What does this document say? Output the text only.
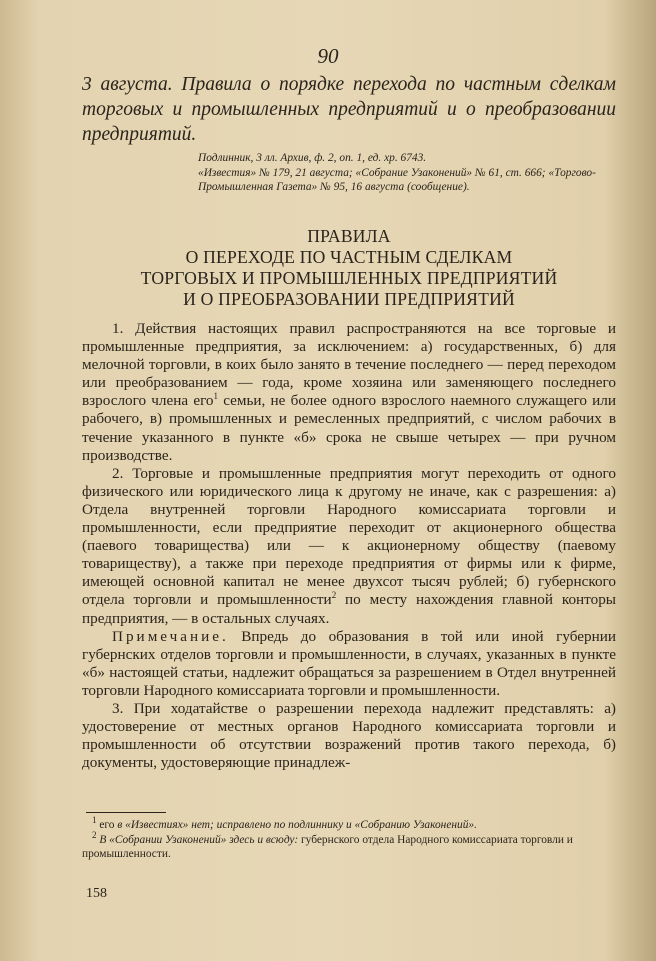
90
3 августа. Правила о порядке перехода по частным сделкам торговых и промышленных предприятий и о преобразовании предприятий.
Подлинник, 3 лл. Архив, ф. 2, оп. 1, ед. хр. 6743.
«Известия» № 179, 21 августа; «Собрание Узаконений» № 61, ст. 666; «Торгово-Промышленная Газета» № 95, 16 августа (сообщение).
ПРАВИЛА
О ПЕРЕХОДЕ ПО ЧАСТНЫМ СДЕЛКАМ
ТОРГОВЫХ И ПРОМЫШЛЕННЫХ ПРЕДПРИЯТИЙ
И О ПРЕОБРАЗОВАНИИ ПРЕДПРИЯТИЙ

1. Действия настоящих правил распространяются на все торговые и промышленные предприятия, за исключением: а) государственных, б) для мелочной торговли, в коих было занято в течение последнего — перед переходом или преобразованием — года, кроме хозяина или заменяющего последнего взрослого члена его$^1$ семьи, не более одного взрослого наемного служащего или рабочего, в) промышленных и ремесленных предприятий, с числом рабочих в течение указанного в пункте «б» срока не свыше четырех — при ручном производстве.

2. Торговые и промышленные предприятия могут переходить от одного физического или юридического лица к другому не иначе, как с разрешения: а) Отдела внутренней торговли Народного комиссариата торговли и промышленности, если предприятие переходит от акционерного общества (паевого товарищества) или — к акционерному обществу (паевому товариществу), а также при переходе предприятия от фирмы или к фирме, имеющей основной капитал не менее двухсот тысяч рублей; б) губернского отдела торговли и промышленности$^2$ по месту нахождения главной конторы предприятия, — в остальных случаях.

Примечание. Впредь до образования в той или иной губернии губернских отделов торговли и промышленности, в случаях, указанных в пункте «б» настоящей статьи, надлежит обращаться за разрешением в Отдел внутренней торговли Народного комиссариата торговли и промышленности.

3. При ходатайстве о разрешении перехода надлежит представлять: а) удостоверение от местных органов Народного комиссариата торговли и промышленности об отсутствии возражений против такого перехода, б) документы, удостоверяющие принадлеж-

$^1$ его в «Известиях» нет; исправлено по подлиннику и «Собранию Узаконений».

$^2$ В «Собрании Узаконений» здесь и всюду: губернского отдела Народного комиссариата торговли и промышленности.

158
